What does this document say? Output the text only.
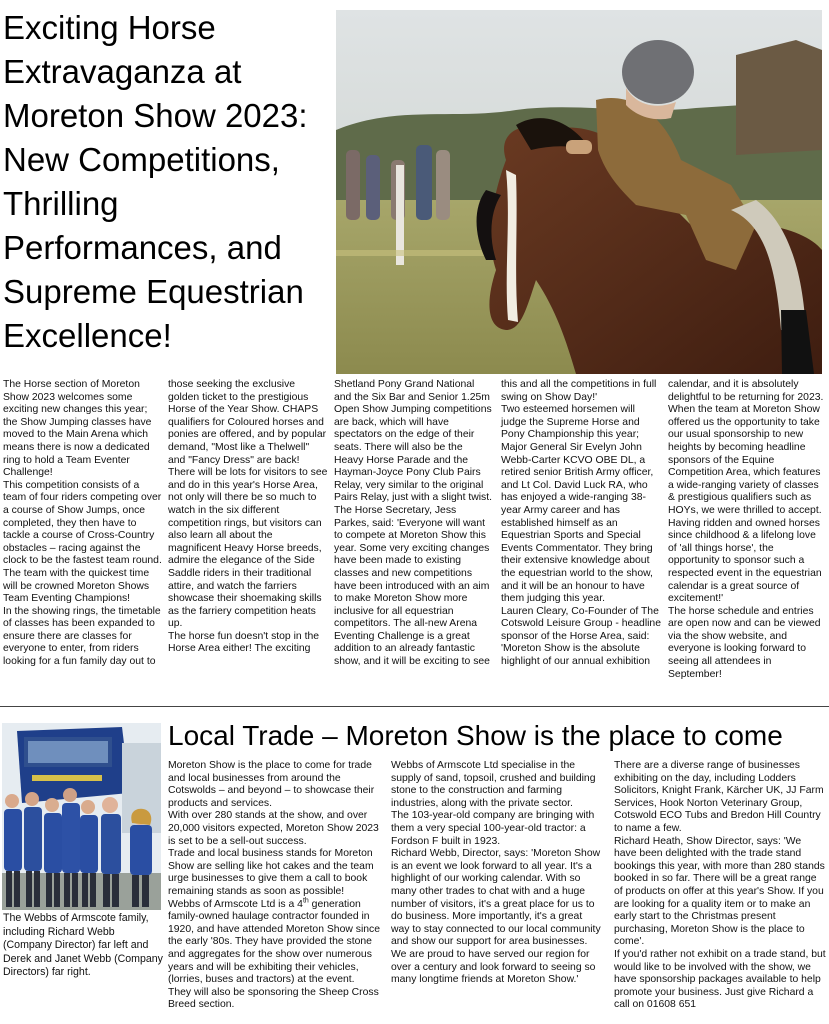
Exciting Horse Extravaganza at Moreton Show 2023: New Competitions, Thrilling Performances, and Supreme Equestrian Excellence!

The Horse section of Moreton Show 2023 welcomes some exciting new changes this year; the Show Jumping classes have moved to the Main Arena which means there is now a dedicated ring to hold a Team Eventer Challenge!

This competition consists of a team of four riders competing over a course of Show Jumps, once completed, they then have to tackle a course of Cross-Country obstacles – racing against the clock to be the fastest team round. The team with the quickest time will be crowned Moreton Shows Team Eventing Champions!

In the showing rings, the timetable of classes has been expanded to ensure there are classes for everyone to enter, from riders looking for a fun family day out to

those seeking the exclusive golden ticket to the prestigious Horse of the Year Show. CHAPS qualifiers for Coloured horses and ponies are offered, and by popular demand, "Most like a Thelwell" and "Fancy Dress" are back!

There will be lots for visitors to see and do in this year's Horse Area, not only will there be so much to watch in the six different competition rings, but visitors can also learn all about the magnificent Heavy Horse breeds, admire the elegance of the Side Saddle riders in their traditional attire, and watch the farriers showcase their shoemaking skills as the farriery competition heats up.

The horse fun doesn't stop in the Horse Area either! The exciting

Shetland Pony Grand National and the Six Bar and Senior 1.25m Open Show Jumping competitions are back, which will have spectators on the edge of their seats. There will also be the Heavy Horse Parade and the Hayman-Joyce Pony Club Pairs Relay, very similar to the original Pairs Relay, just with a slight twist.

The Horse Secretary, Jess Parkes, said: 'Everyone will want to compete at Moreton Show this year. Some very exciting changes have been made to existing classes and new competitions have been introduced with an aim to make Moreton Show more inclusive for all equestrian competitors. The all-new Arena Eventing Challenge is a great addition to an already fantastic show, and it will be exciting to see

this and all the competitions in full swing on Show Day!'

Two esteemed horsemen will judge the Supreme Horse and Pony Championship this year; Major General Sir Evelyn John Webb-Carter KCVO OBE DL, a retired senior British Army officer, and Lt Col. David Luck RA, who has enjoyed a wide-ranging 38-year Army career and has established himself as an Equestrian Sports and Special Events Commentator. They bring their extensive knowledge about the equestrian world to the show, and it will be an honour to have them judging this year.

Lauren Cleary, Co-Founder of The Cotswold Leisure Group - headline sponsor of the Horse Area, said: 'Moreton Show is the absolute highlight of our annual exhibition

calendar, and it is absolutely delightful to be returning for 2023. When the team at Moreton Show offered us the opportunity to take our usual sponsorship to new heights by becoming headline sponsors of the Equine Competition Area, which features a wide-ranging variety of classes & prestigious qualifiers such as HOYs, we were thrilled to accept. Having ridden and owned horses since childhood & a lifelong love of 'all things horse', the opportunity to sponsor such a respected event in the equestrian calendar is a great source of excitement!'

The horse schedule and entries are open now and can be viewed via the show website, and everyone is looking forward to seeing all attendees in September!

The Webbs of Armscote family, including Richard Webb (Company Director) far left and Derek and Janet Webb (Company Directors) far right.

Local Trade – Moreton Show is the place to come

Moreton Show is the place to come for trade and local businesses from around the Cotswolds – and beyond – to showcase their products and services.

With over 280 stands at the show, and over 20,000 visitors expected, Moreton Show 2023 is set to be a sell-out success.

Trade and local business stands for Moreton Show are selling like hot cakes and the team urge businesses to give them a call to book remaining stands as soon as possible!

Webbs of Armscote Ltd is a 4th generation family-owned haulage contractor founded in 1920, and have attended Moreton Show since the early '80s. They have provided the stone and aggregates for the show over numerous years and will be exhibiting their vehicles, (lorries, buses and tractors) at the event. They will also be sponsoring the Sheep Cross Breed section.

Webbs of Armscote Ltd specialise in the supply of sand, topsoil, crushed and building stone to the construction and farming industries, along with the private sector.

The 103-year-old company are bringing with them a very special 100-year-old tractor: a Fordson F built in 1923.

Richard Webb, Director, says: 'Moreton Show is an event we look forward to all year. It's a highlight of our working calendar. With so many other trades to chat with and a huge number of visitors, it's a great place for us to do business. More importantly, it's a great way to stay connected to our local community and show our support for area businesses. We are proud to have served our region for over a century and look forward to seeing so many longtime friends at Moreton Show.'

There are a diverse range of businesses exhibiting on the day, including Lodders Solicitors, Knight Frank, Kärcher UK, JJ Farm Services, Hook Norton Veterinary Group, Cotswold ECO Tubs and Bredon Hill Country to name a few.

Richard Heath, Show Director, says: 'We have been delighted with the trade stand bookings this year, with more than 280 stands booked in so far. There will be a great range of products on offer at this year's Show. If you are looking for a quality item or to make an early start to the Christmas present purchasing, Moreton Show is the place to come'.

If you'd rather not exhibit on a trade stand, but would like to be involved with the show, we have sponsorship packages available to help promote your business. Just give Richard a call on 01608 651
